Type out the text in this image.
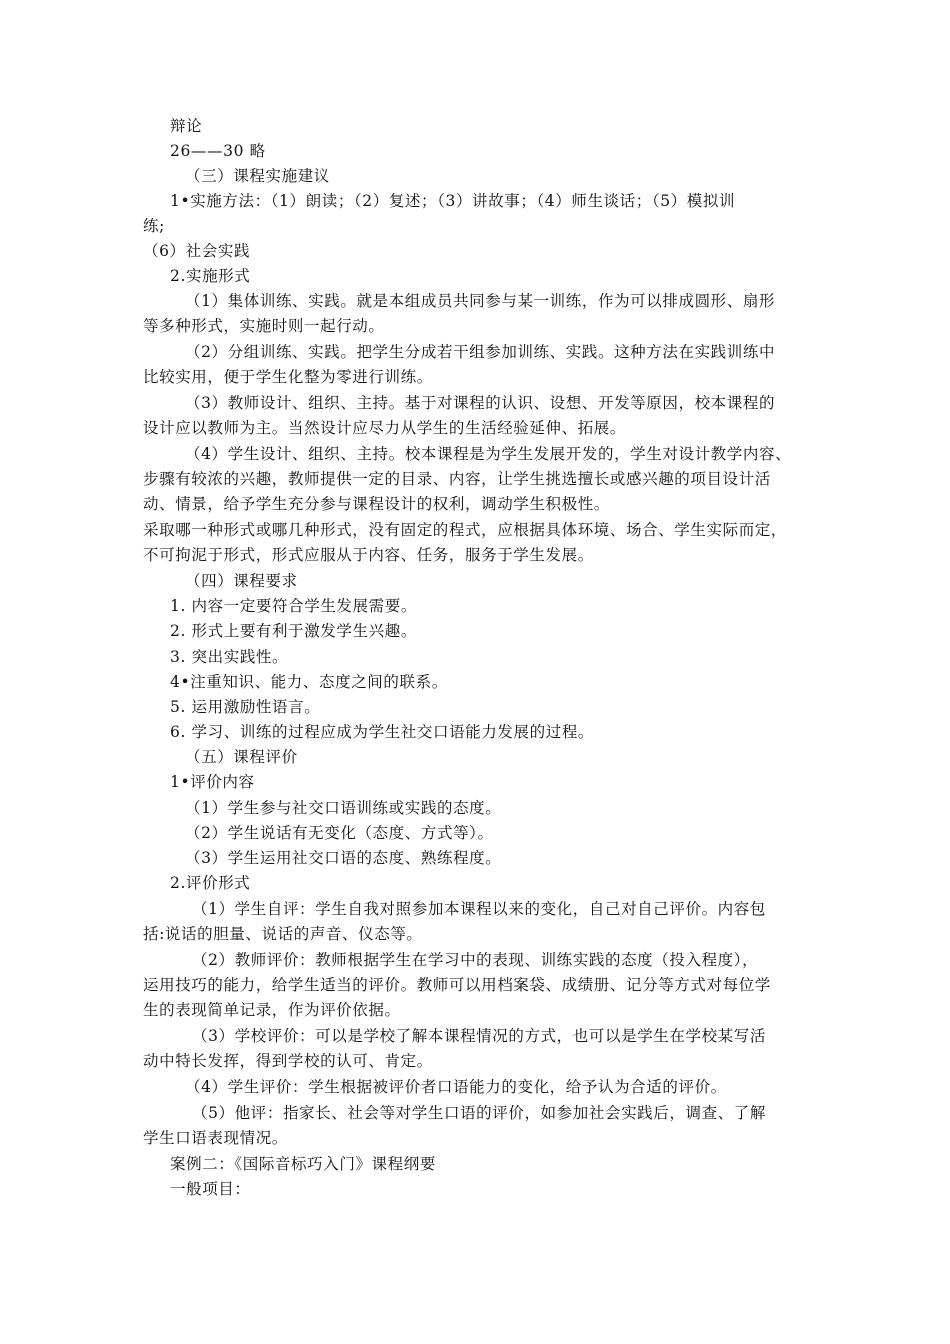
辩论
26——30 略
（三）课程实施建议
1•实施方法：（1）朗读；（2）复述；（3）讲故事；（4）师生谈话；（5）模拟训
练;
（6）社会实践
2.实施形式
（1）集体训练、实践。就是本组成员共同参与某一训练，作为可以排成圆形、扇形
等多种形式，实施时则一起行动。
（2）分组训练、实践。把学生分成若干组参加训练、实践。这种方法在实践训练中
比较实用，便于学生化整为零进行训练。
（3）教师设计、组织、主持。基于对课程的认识、设想、开发等原因，校本课程的
设计应以教师为主。当然设计应尽力从学生的生活经验延伸、拓展。
（4）学生设计、组织、主持。校本课程是为学生发展开发的，学生对设计教学内容、
步骤有较浓的兴趣，教师提供一定的目录、内容，让学生挑选擅长或感兴趣的项目设计活
动、情景，给予学生充分参与课程设计的权利，调动学生积极性。
采取哪一种形式或哪几种形式，没有固定的程式，应根据具体环境、场合、学生实际而定，
不可拘泥于形式，形式应服从于内容、任务，服务于学生发展。
（四）课程要求
1. 内容一定要符合学生发展需要。
2. 形式上要有利于激发学生兴趣。
3. 突出实践性。
4•注重知识、能力、态度之间的联系。
5. 运用激励性语言。
6. 学习、训练的过程应成为学生社交口语能力发展的过程。
（五）课程评价
1•评价内容
（1）学生参与社交口语训练或实践的态度。
（2）学生说话有无变化（态度、方式等）。
（3）学生运用社交口语的态度、熟练程度。
2.评价形式
（1）学生自评：学生自我对照参加本课程以来的变化，自己对自己评价。内容包
括:说话的胆量、说话的声音、仪态等。
（2）教师评价：教师根据学生在学习中的表现、训练实践的态度（投入程度），
运用技巧的能力，给学生适当的评价。教师可以用档案袋、成绩册、记分等方式对每位学
生的表现简单记录，作为评价依据。
（3）学校评价：可以是学校了解本课程情况的方式，也可以是学生在学校某写活
动中特长发挥，得到学校的认可、肯定。
（4）学生评价：学生根据被评价者口语能力的变化，给予认为合适的评价。
（5）他评：指家长、社会等对学生口语的评价，如参加社会实践后，调查、了解
学生口语表现情况。
案例二：《国际音标巧入门》课程纲要
一般项目：
